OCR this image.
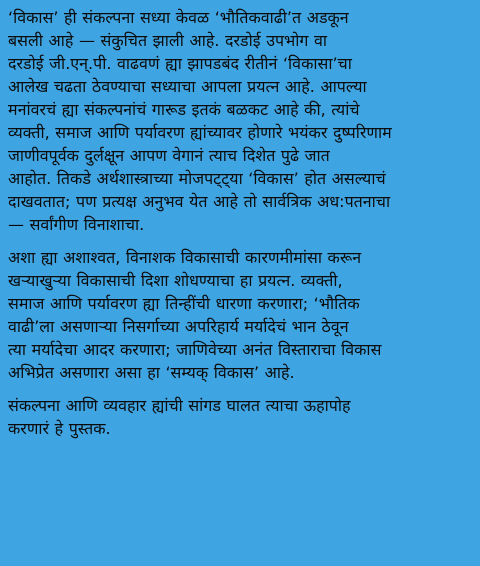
‘विकास’ ही संकल्पना सध्या केवळ ‘भौतिकवाढी’त अडकून
बसली आहे — संकुचित झाली आहे. दरडोई उपभोग वा
दरडोई जी.एन्.पी. वाढवणं ह्या झापडबंद रीतीनं ‘विकासा’चा
आलेख चढता ठेवण्याचा सध्याचा आपला प्रयत्न आहे. आपल्या
मनांवरचं ह्या संकल्पनांचं गारूड इतकं बळकट आहे की, त्यांचे
व्यक्ती, समाज आणि पर्यावरण ह्यांच्यावर होणारे भयंकर दुष्परिणाम
जाणीवपूर्वक दुर्लक्षून आपण वेगानं त्याच दिशेत पुढे जात
आहोत. तिकडे अर्थशास्त्राच्या मोजपट्ट्या ‘विकास’ होत असल्याचं
दाखवतात; पण प्रत्यक्ष अनुभव येत आहे तो सार्वत्रिक अध:पतनाचा
— सर्वांगीण विनाशाचा.
अशा ह्या अशाश्वत, विनाशक विकासाची कारणमीमांसा करून
खऱ्याखुऱ्या विकासाची दिशा शोधण्याचा हा प्रयत्न. व्यक्ती,
समाज आणि पर्यावरण ह्या तिन्हींची धारणा करणारा; ‘भौतिक
वाढी’ला असणाऱ्या निसर्गाच्या अपरिहार्य मर्यादेचं भान ठेवून
त्या मर्यादेचा आदर करणारा; जाणिवेच्या अनंत विस्ताराचा विकास
अभिप्रेत असणारा असा हा ‘सम्यक् विकास’ आहे.
संकल्पना आणि व्यवहार ह्यांची सांगड घालत त्याचा ऊहापोह
करणारं हे पुस्तक.
